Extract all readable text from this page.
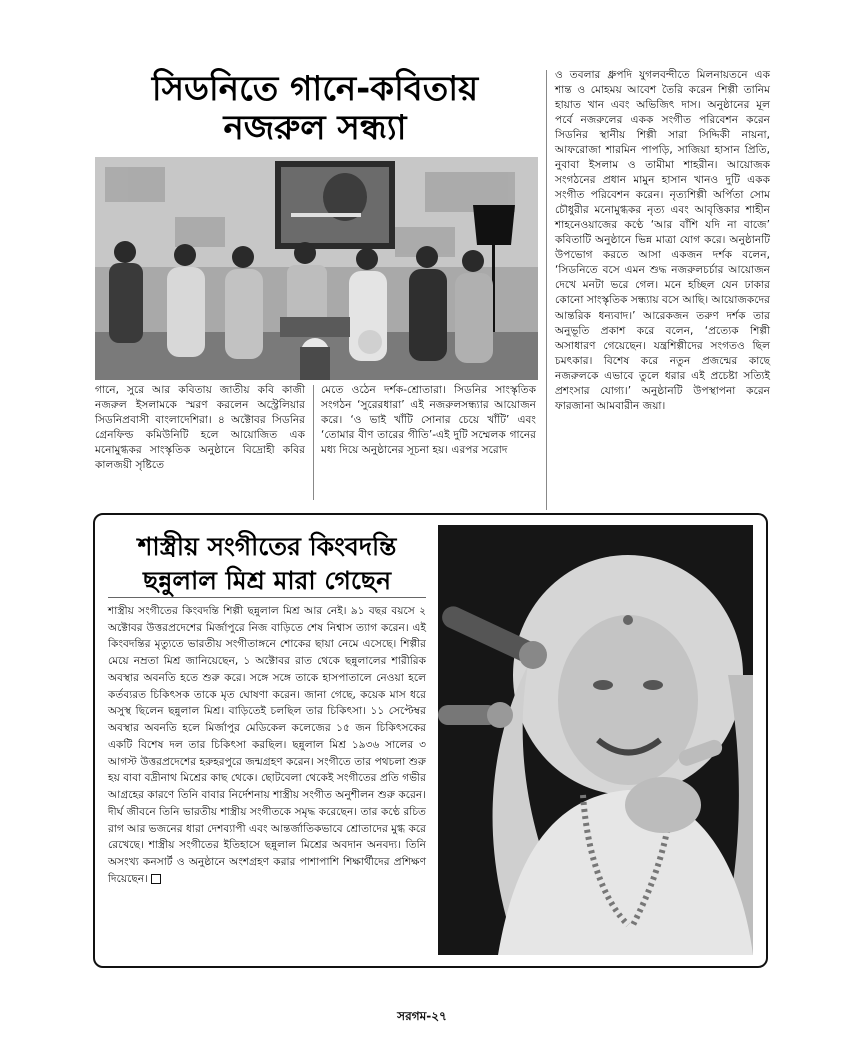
সিডনিতে গানে-কবিতায়
নজরুল সন্ধ্যা
ও তবলার ধ্রুপদি যুগলবন্দীতে মিলনায়তনে এক শান্ত ও মোহময় আবেশ তৈরি করেন শিল্পী তানিম হায়াত খান এবং অভিজিৎ দাস। অনুষ্ঠানের মূল পর্বে নজরুলের একক সংগীত পরিবেশন করেন সিডনির স্থানীয় শিল্পী সারা সিদ্দিকী নায়না, আফরোজা শারমিন পাপড়ি, সাজিয়া হাসান প্রিতি, নুবাবা ইসলাম ও তামীমা শাহরীন। আয়োজক সংগঠনের প্রধান মামুন হাসান খানও দুটি একক সংগীত পরিবেশন করেন। নৃত্যশিল্পী অর্পিতা সোম চৌধুরীর মনোমুগ্ধকর নৃত্য এবং আবৃত্তিকার শাহীন শাহনেওয়াজের কণ্ঠে ‘আর বাঁশি যদি না বাজে’ কবিতাটি অনুষ্ঠানে ভিন্ন মাত্রা যোগ করে। অনুষ্ঠানটি উপভোগ করতে আসা একজন দর্শক বলেন, ‘সিডনিতে বসে এমন শুদ্ধ নজরুলচর্চার আয়োজন দেখে মনটা ভরে গেল। মনে হচ্ছিল যেন ঢাকার কোনো সাংস্কৃতিক সন্ধ্যায় বসে আছি। আয়োজকদের আন্তরিক ধন্যবাদ।’ আরেকজন তরুণ দর্শক তার অনুভূতি প্রকাশ করে বলেন, ‘প্রত্যেক শিল্পী অসাধারণ গেয়েছেন। যন্ত্রশিল্পীদের সংগতও ছিল চমৎকার। বিশেষ করে নতুন প্রজন্মের কাছে নজরুলকে এভাবে তুলে ধরার এই প্রচেষ্টা সত্যিই প্রশংসার যোগ্য।’ অনুষ্ঠানটি উপস্থাপনা করেন ফারজানা আমবারীন জয়া।
গানে, সুরে আর কবিতায় জাতীয় কবি কাজী নজরুল ইসলামকে স্মরণ করলেন অস্ট্রেলিয়ার সিডনিপ্রবাসী বাংলাদেশিরা। ৪ অক্টোবর সিডনির গ্রেনফিল্ড কমিউনিটি হলে আয়োজিত এক মনোমুগ্ধকর সাংস্কৃতিক অনুষ্ঠানে বিদ্রোহী কবির কালজয়ী সৃষ্টিতে
মেতে ওঠেন দর্শক-শ্রোতারা। সিডনির সাংস্কৃতিক সংগঠন ‘সুরেরধারা’ এই নজরুলসন্ধ্যার আয়োজন করে। ‘ও ভাই খাঁটি সোনার চেয়ে খাঁটি’ এবং ‘তোমার বীণ তারের গীতি’-এই দুটি সম্মেলক গানের মধ্য দিয়ে অনুষ্ঠানের সূচনা হয়। এরপর সরোদ
শাস্ত্রীয় সংগীতের কিংবদন্তি
ছন্নুলাল মিশ্র মারা গেছেন
শাস্ত্রীয় সংগীতের কিংবদন্তি শিল্পী ছন্নুলাল মিশ্র আর নেই। ৯১ বছর বয়সে ২ অক্টোবর উত্তরপ্রদেশের মির্জাপুরে নিজ বাড়িতে শেষ নিশ্বাস ত্যাগ করেন। এই কিংবদন্তির মৃত্যুতে ভারতীয় সংগীতাঙ্গনে শোকের ছায়া নেমে এসেছে। শিল্পীর মেয়ে নম্রতা মিশ্র জানিয়েছেন, ১ অক্টোবর রাত থেকে ছন্নুলালের শারীরিক অবস্থার অবনতি হতে শুরু করে। সঙ্গে সঙ্গে তাকে হাসপাতালে নেওয়া হলে কর্তব্যরত চিকিৎসক তাকে মৃত ঘোষণা করেন। জানা গেছে, কয়েক মাস ধরে অসুস্থ ছিলেন ছন্নুলাল মিশ্র। বাড়িতেই চলছিল তার চিকিৎসা। ১১ সেপ্টেম্বর অবস্থার অবনতি হলে মির্জাপুর মেডিকেল কলেজের ১৫ জন চিকিৎসকের একটি বিশেষ দল তার চিকিৎসা করছিল। ছন্নুলাল মিশ্র ১৯৩৬ সালের ৩ আগস্ট উত্তরপ্রদেশের হরুহরপুরে জন্মগ্রহণ করেন। সংগীতে তার পথচলা শুরু হয় বাবা বদ্রীনাথ মিশ্রের কাছ থেকে। ছোটবেলা থেকেই সংগীতের প্রতি গভীর আগ্রহের কারণে তিনি বাবার নির্দেশনায় শাস্ত্রীয় সংগীত অনুশীলন শুরু করেন। দীর্ঘ জীবনে তিনি ভারতীয় শাস্ত্রীয় সংগীতকে সমৃদ্ধ করেছেন। তার কণ্ঠে রচিত রাগ আর ভজনের ধারা দেশব্যাপী এবং আন্তর্জাতিকভাবে শ্রোতাদের মুগ্ধ করে রেখেছে। শাস্ত্রীয় সংগীতের ইতিহাসে ছন্নুলাল মিশ্রের অবদান অনবদ্য। তিনি অসংখ্য কনসার্ট ও অনুষ্ঠানে অংশগ্রহণ করার পাশাপাশি শিক্ষার্থীদের প্রশিক্ষণ দিয়েছেন।
সরগম-২৭
